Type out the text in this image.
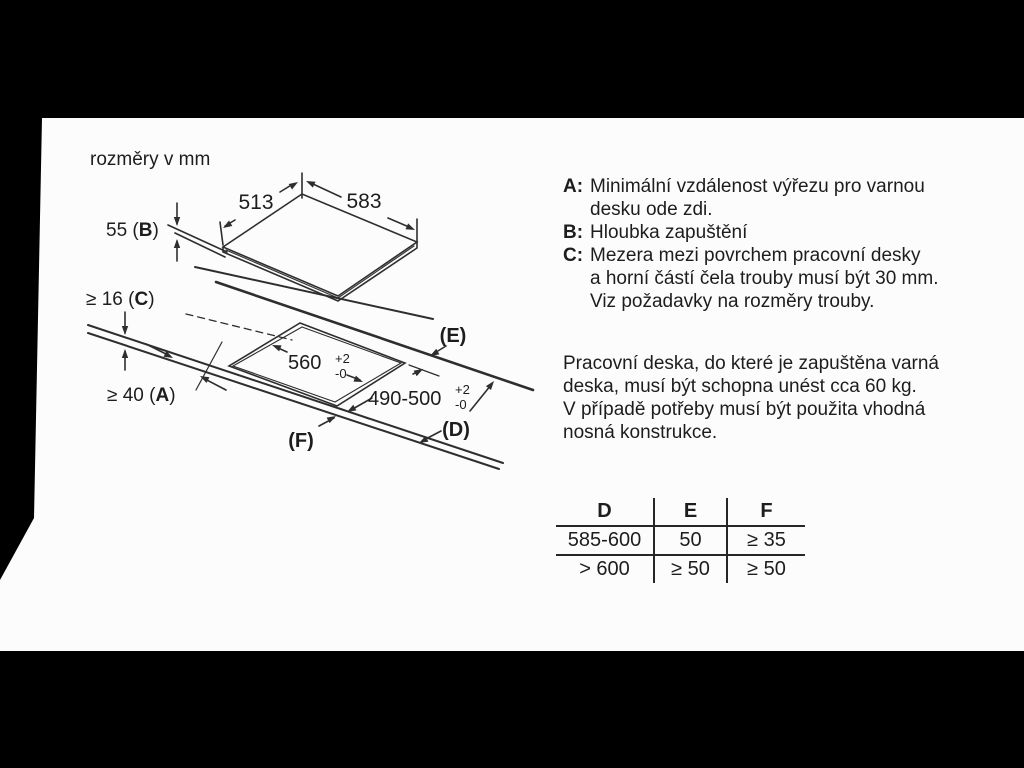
rozměry v mm
513	583
55 (B)
≥ 16 (C)
≥ 40 (A)
560 +2
-0
490-500 +2
-0
(E)
(D)
(F)
A: Minimální vzdálenost výřezu pro varnou
desku ode zdi.
B: Hloubka zapuštění
C: Mezera mezi povrchem pracovní desky
a horní částí čela trouby musí být 30 mm.
Viz požadavky na rozměry trouby.
Pracovní deska, do které je zapuštěna varná
deska, musí být schopna unést cca 60 kg.
V případě potřeby musí být použita vhodná
nosná konstrukce.
D	E	F
585-600	50	≥ 35
> 600	≥ 50	≥ 50
